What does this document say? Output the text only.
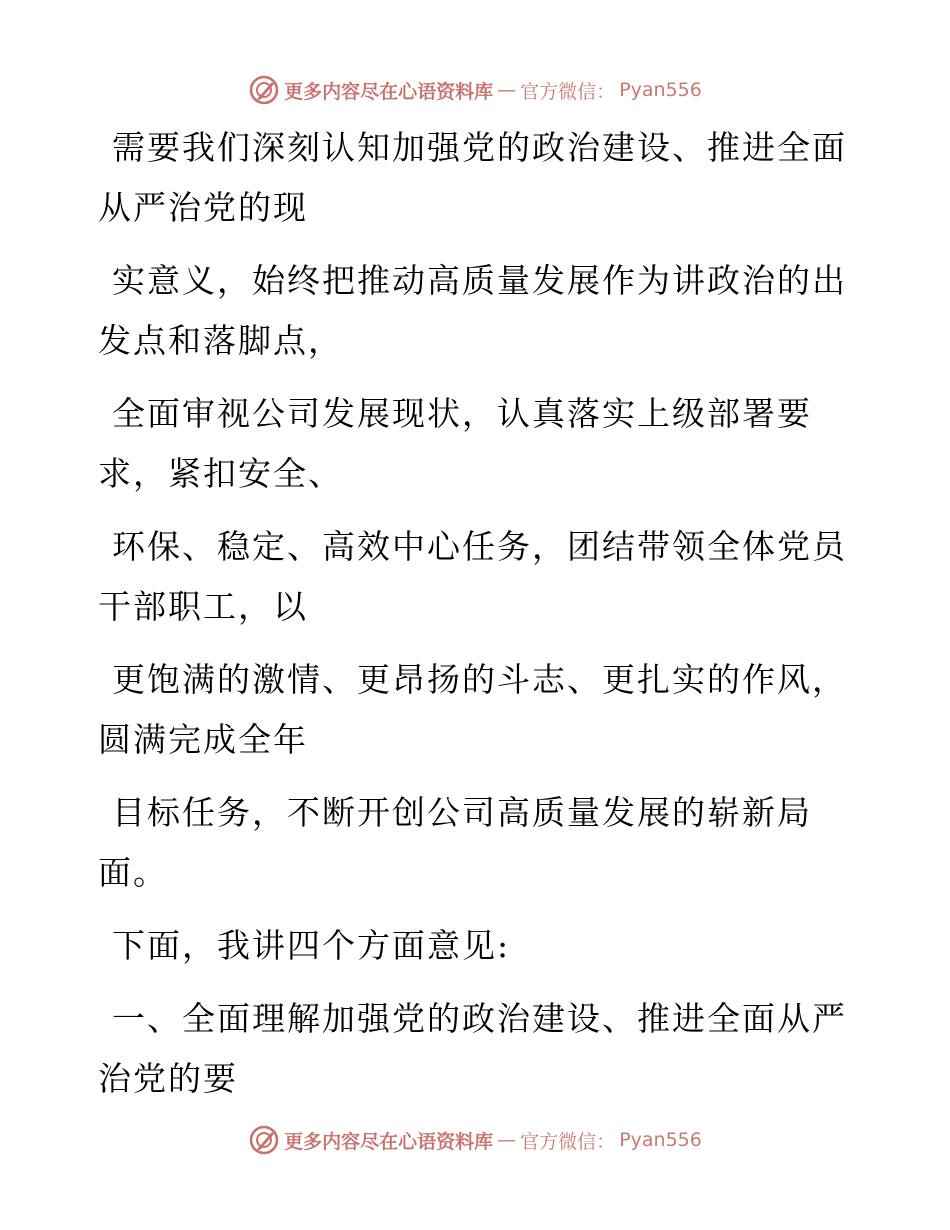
更多内容尽在心语资料库 — 官方微信： Pyan556

需要我们深刻认知加强党的政治建设、推进全面
从严治党的现

实意义，始终把推动高质量发展作为讲政治的出
发点和落脚点，

全面审视公司发展现状，认真落实上级部署要
求，紧扣安全、

环保、稳定、高效中心任务，团结带领全体党员
干部职工，以

更饱满的激情、更昂扬的斗志、更扎实的作风，
圆满完成全年

目标任务，不断开创公司高质量发展的崭新局
面。

下面，我讲四个方面意见:

一、全面理解加强党的政治建设、推进全面从严
治党的要

更多内容尽在心语资料库 — 官方微信： Pyan556
